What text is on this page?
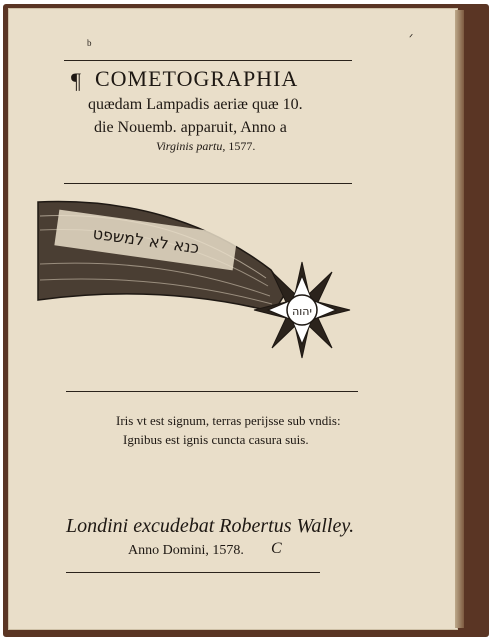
b	ᐟ
¶ COMETOGRAPHIA
quædam Lampadis aeriæ quæ 10.
die Nouemb. apparuit, Anno a
Virginis partu, 1577.
כנא לא למשפט
יהוה
Iris vt est signum, terras perijsse sub vndis:
Ignibus est ignis cuncta casura suis.
Londini excudebat Robertus Walley.
Anno Domini, 1578. C
